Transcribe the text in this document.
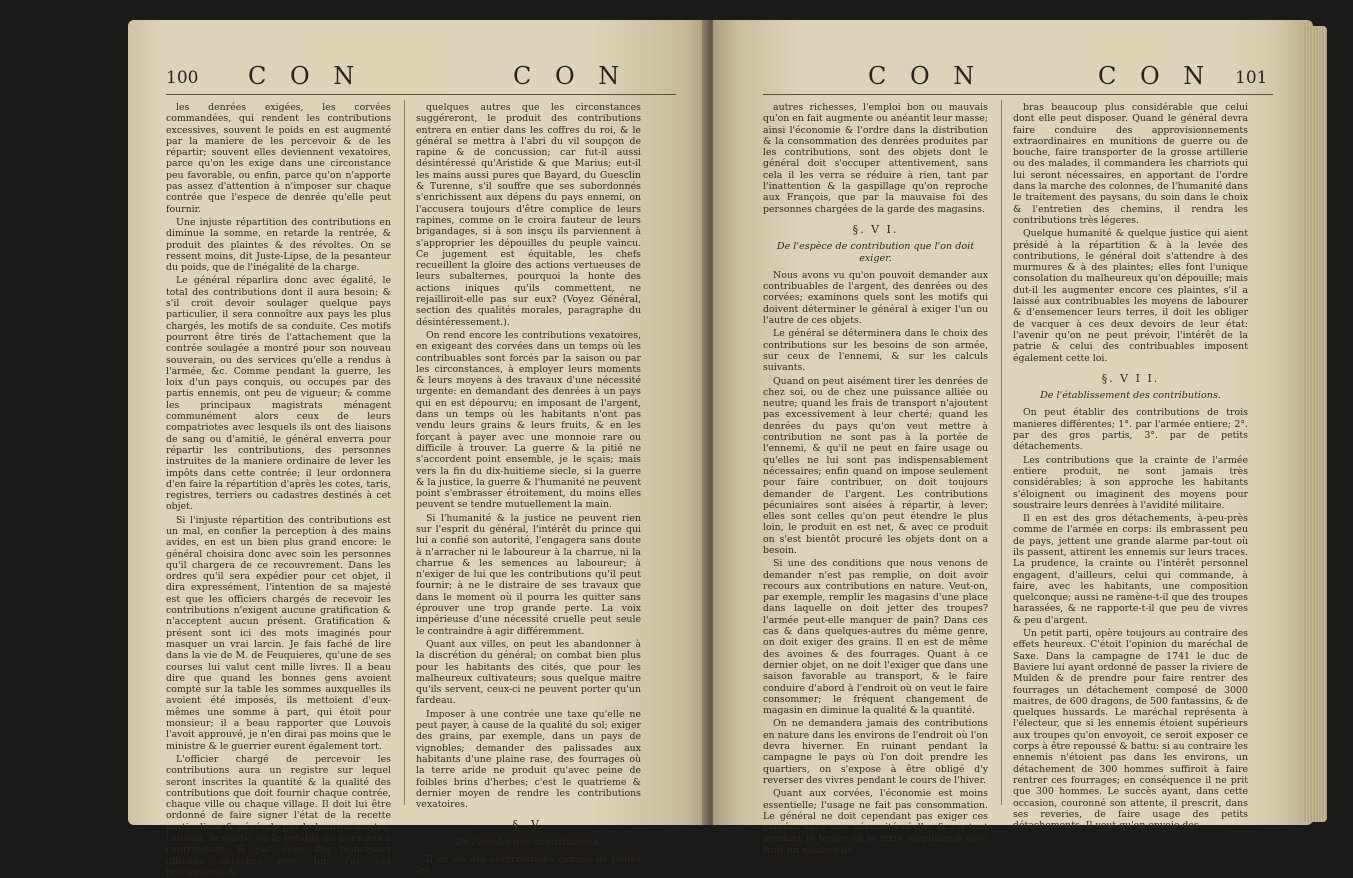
100 C O N	C O N

les denrées exigées, les corvées commandées, qui rendent les contributions excessives, souvent le poids en est augmenté par la maniere de les percevoir & de les répartir; souvent elles deviennent vexatoires, parce qu'on les exige dans une circonstance peu favorable, ou enfin, parce qu'on n'apporte pas assez d'attention à n'imposer sur chaque contrée que l'espece de denrée qu'elle peut fournir.

Une injuste répartition des contributions en diminue la somme, en retarde la rentrée, & produit des plaintes & des révoltes. On se ressent moins, dit Juste-Lipse, de la pesanteur du poids, que de l'inégalité de la charge.

Le général réparlira donc avec égalité, le total des contributions dont il aura besoin; & s'il croit devoir soulager quelque pays particulier, il sera connoître aux pays les plus chargés, les motifs de sa conduite. Ces motifs pourront être tirés de l'attachement que la contrée soulagée a montré pour son nouveau souverain, ou des services qu'elle a rendus à l'armée, &c. Comme pendant la guerre, les loix d'un pays conquis, ou occupés par des partis ennemis, ont peu de vigueur; & comme les principaux magistrats ménagent communément alors ceux de leurs compatriotes avec lesquels ils ont des liaisons de sang ou d'amitié, le général enverra pour répartir les contributions, des personnes instruites de la maniere ordinaire de lever les impôts dans cette contrée; il leur ordonnera d'en faire la répartition d'après les cotes, taris, registres, terriers ou cadastres destinés à cet objet.

Si l'injuste répartition des contributions est un mal, en confier la perception à des mains avides, en est un bien plus grand encore: le général choisira donc avec soin les personnes qu'il chargera de ce recouvrement. Dans les ordres qu'il sera expédier pour cet objet, il dira expressément, l'intention de sa majesté est que les officiers chargés de recevoir les contributions n'exigent aucune gratification & n'acceptent aucun présent. Gratification & présent sont ici des mots imaginés pour masquer un vrai larcin. Je fais faché de lire dans la vie de M. de Feuquieres, qu'une de ses courses lui valut cent mille livres. Il a beau dire que quand les bonnes gens avoient compté sur la table les sommes auxquelles ils avoient été imposés, ils mettoient d'eux-mêmes une somme à part, qui étoit pour monsieur; il a beau rapporter que Louvois l'avoit approuvé, je n'en dirai pas moins que le ministre & le guerrier eurent également tort.

L'officier chargé de percevoir les contributions aura un registre sur lequel seront inscrites la quantité & la qualité des contributions que doit fournir chaque contrée, chaque ville ou chaque village. Il doit lui être ordonné de faire signer l'état de la recette particuliere & générale par le bourguemestre, l'alcade, le syndic ou le notable du pays mis à contribution, & par deux des principaux officiers détachés avec lui. Par ces précautions, &

quelques autres que les circonstances suggéreront, le produit des contributions entrera en entier dans les coffres du roi, & le général se mettra à l'abri du vil soupçon de rapine & de concussion; car fut-il aussi désintéressé qu'Aristide & que Marius; eut-il les mains aussi pures que Bayard, du Guesclin & Turenne, s'il souffre que ses subordonnés s'enrichissent aux dépens du pays ennemi, on l'accusera toujours d'être complice de leurs rapines, comme on le croira fauteur de leurs brigandages, si à son insçu ils parviennent à s'approprier les dépouilles du peuple vaincu. Ce jugement est équitable, les chefs recueillent la gloire des actions vertueuses de leurs subalternes, pourquoi la honte des actions iniques qu'ils commettent, ne rejailliroit-elle pas sur eux? (Voyez Général, section des qualités morales, paragraphe du désintéressement.).

On rend encore les contributions vexatoires, en exigeant des corvées dans un temps où les contribuables sont forcés par la saison ou par les circonstances, à employer leurs moments & leurs moyens à des travaux d'une nécessité urgente: en demandant des denrées à un pays qui en est dépourvu; en imposant de l'argent, dans un temps où les habitants n'ont pas vendu leurs grains & leurs fruits, & en les forçant à payer avec une monnoie rare ou difficile à trouver. La guerre & la pitié ne s'accordent point ensemble, je le sçais; mais vers la fin du dix-huitieme siecle, si la guerre & la justice, la guerre & l'humanité ne peuvent point s'embrasser étroitement, du moins elles peuvent se tendre mutuellement la main.

Si l'humanité & la justice ne peuvent rien sur l'esprit du général, l'intérêt du prince qui lui a confié son autorité, l'engagera sans doute à n'arracher ni le laboureur à la charrue, ni la charrue & les semences au laboureur; à n'exiger de lui que les contributions qu'il peut fournir; à ne le distraire de ses travaux que dans le moment où il pourra les quitter sans éprouver une trop grande perte. La voix impérieuse d'une nécessité cruelle peut seule le contraindre à agir différemment.

Quant aux villes, on peut les abandonner à la discrétion du général; on combat bien plus pour les habitants des cités, que pour les malheureux cultivateurs; sous quelque maitre qu'ils servent, ceux-ci ne peuvent porter qu'un fardeau.

Imposer à une contrée une taxe qu'elle ne peut payer, à cause de la qualité du sol; exiger des grains, par exemple, dans un pays de vignobles; demander des palissades aux habitants d'une plaine rase, des fourrages où la terre aride ne produit qu'avec peine de foibles brins d'herbes; c'est le quatrieme & dernier moyen de rendre les contributions vexatoires.

§. V.

De l'emploi des contributions.

Il en est des contributions comme de toutes les

C O N	C O N 101

autres richesses, l'emploi bon ou mauvais qu'on en fait augmente ou anéantit leur masse; ainsi l'économie & l'ordre dans la distribution & la consommation des denrées produites par les contributions, sont des objets dont le général doit s'occuper attentivement, sans cela il les verra se réduire à rien, tant par l'inattention & la gaspillage qu'on reproche aux François, que par la mauvaise foi des personnes chargées de la garde des magasins.

§. V I.

De l'espèce de contribution que l'on doit exiger.

Nous avons vu qu'on pouvoit demander aux contribuables de l'argent, des denrées ou des corvées; examinons quels sont les motifs qui doivent déterminer le général à exiger l'un ou l'autre de ces objets.

Le général se déterminera dans le choix des contributions sur les besoins de son armée, sur ceux de l'ennemi, & sur les calculs suivants.

Quand on peut aisément tirer les denrées de chez soi, ou de chez une puissance alliée ou neutre; quand les frais de transport n'ajoutent pas excessivement à leur cherté; quand les denrées du pays qu'on veut mettre à contribution ne sont pas à la portée de l'ennemi, & qu'il ne peut en faire usage ou qu'elles ne lui sont pas indispensablement nécessaires; enfin quand on impose seulement pour faire contribuer, on doit toujours demander de l'argent. Les contributions pécuniaires sont aisées à répartir, à lever; elles sont celles qu'on peut étendre le plus loin, le produit en est net, & avec ce produit on s'est bientôt procuré les objets dont on a besoin.

Si une des conditions que nous venons de demander n'est pas remplie, on doit avoir recours aux contributions en nature. Veut-on, par exemple, remplir les magasins d'une place dans laquelle on doit jetter des troupes? l'armée peut-elle manquer de pain? Dans ces cas & dans quelques-autres du même genre, on doit exiger des grains. Il en est de même des avoines & des fourrages. Quant à ce dernier objet, on ne doit l'exiger que dans une saison favorable au transport, & le faire conduire d'abord à l'endroit où on veut le faire consommer; le fréquent changement de magasin en diminue la qualité & la quantité.

On ne demandera jamais des contributions en nature dans les environs de l'endroit où l'on devra hiverner. En ruinant pendant la campagne le pays où l'on doit prendre les quartiers, on s'expose à être obligé d'y reverser des vivres pendant le cours de l'hiver.

Quant aux corvées, l'économie est moins essentielle; l'usage ne fait pas consommation. Le général ne doit cependant pas exiger ces corvées sans une nécessité réelle, & sur-tout pendant le temps où la terre emploieroit avec fruit un nombre de

bras beaucoup plus considérable que celui dont elle peut disposer. Quand le général devra faire conduire des approvisionnements extraordinaires en munitions de guerre ou de bouche, faire transporter de la grosse artillerie ou des malades, il commandera les charriots qui lui seront nécessaires, en apportant de l'ordre dans la marche des colonnes, de l'humanité dans le traitement des paysans, du soin dans le choix & l'entretien des chemins, il rendra les contributions très légeres.

Quelque humanité & quelque justice qui aient présidé à la répartition & à la levée des contributions, le général doit s'attendre à des murmures & à des plaintes; elles font l'unique consolation du malheureux qu'on dépouille; mais dut-il les augmenter encore ces plaintes, s'il a laissé aux contribuables les moyens de labourer & d'ensemencer leurs terres, il doit les obliger de vacquer à ces deux devoirs de leur état: l'avenir qu'on ne peut prévoir, l'intérêt de la patrie & celui des contribuables imposent également cette loi.

§. V I I.

De l'établissement des contributions.

On peut établir des contributions de trois manieres différentes; 1°. par l'armée entiere; 2°. par des gros partis, 3°. par de petits détachements.

Les contributions que la crainte de l'armée entiere produit, ne sont jamais très considérables; à son approche les habitants s'éloignent ou imaginent des moyens pour soustraire leurs denrées à l'avidité militaire.

Il en est des gros détachements, à-peu-près comme de l'armée en corps: ils embrassent peu de pays, jettent une grande alarme par-tout où ils passent, attirent les ennemis sur leurs traces. La prudence, la crainte ou l'intérêt personnel engagent, d'ailleurs, celui qui commande, à faire, avec les habitants, une composition quelconque; aussi ne ramène-t-il que des troupes harassées, & ne rapporte-t-il que peu de vivres & peu d'argent.

Un petit parti, opère toujours au contraire des effets heureux. C'étoit l'opinion du maréchal de Saxe. Dans la campagne de 1741 le duc de Baviere lui ayant ordonné de passer la riviere de Mulden & de prendre pour faire rentrer des fourrages un détachement composé de 3000 maitres, de 600 dragons, de 500 fantassins, & de quelques hussards. Le maréchal représenta à l'électeur, que si les ennemis étoient supérieurs aux troupes qu'on envoyoit, ce seroit exposer ce corps à être repoussé & battu: si au contraire les ennemis n'étoient pas dans les environs, un détachement de 300 hommes suffiroit à faire rentrer ces fourrages; en conséquence il ne prit que 300 hommes. Le succès ayant, dans cette occasion, couronné son attente, il prescrit, dans ses reveries, de faire usage des petits détachements. Il veut qu'on envoie des
